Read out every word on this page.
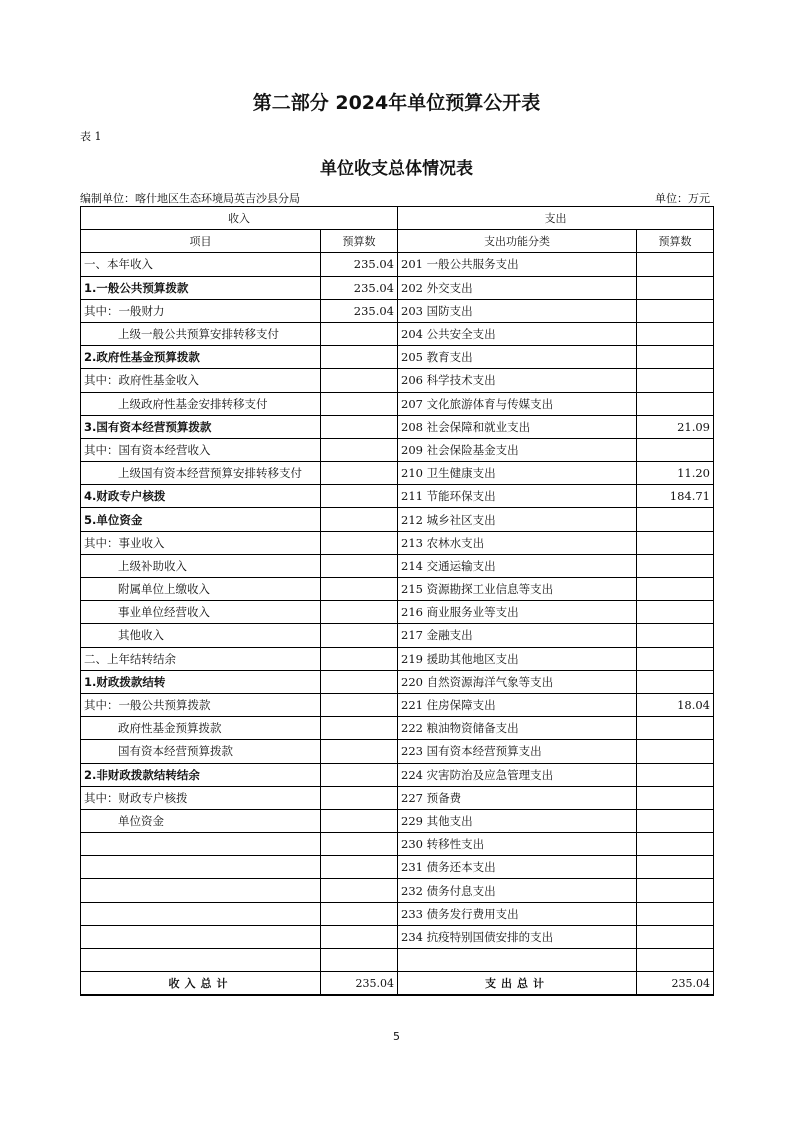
第二部分 2024年单位预算公开表
表 1
单位收支总体情况表
编制单位：喀什地区生态环境局英吉沙县分局	单位：万元
收入		支出	
项目	预算数	支出功能分类	预算数
一、本年收入	235.04	201 一般公共服务支出	
1.一般公共预算拨款	235.04	202 外交支出	
其中：一般财力	235.04	203 国防支出	
上级一般公共预算安排转移支付		204 公共安全支出	
2.政府性基金预算拨款		205 教育支出	
其中：政府性基金收入		206 科学技术支出	
上级政府性基金安排转移支付		207 文化旅游体育与传媒支出	
3.国有资本经营预算拨款		208 社会保障和就业支出	21.09
其中：国有资本经营收入		209 社会保险基金支出	
上级国有资本经营预算安排转移支付		210 卫生健康支出	11.20
4.财政专户核拨		211 节能环保支出	184.71
5.单位资金		212 城乡社区支出	
其中：事业收入		213 农林水支出	
上级补助收入		214 交通运输支出	
附属单位上缴收入		215 资源勘探工业信息等支出	
事业单位经营收入		216 商业服务业等支出	
其他收入		217 金融支出	
二、上年结转结余		219 援助其他地区支出	
1.财政拨款结转		220 自然资源海洋气象等支出	
其中：一般公共预算拨款		221 住房保障支出	18.04
政府性基金预算拨款		222 粮油物资储备支出	
国有资本经营预算拨款		223 国有资本经营预算支出	
2.非财政拨款结转结余		224 灾害防治及应急管理支出	
其中：财政专户核拨		227 预备费	
单位资金		229 其他支出	
		230 转移性支出	
		231 债务还本支出	
		232 债务付息支出	
		233 债务发行费用支出	
		234 抗疫特别国债安排的支出	

收入总计	235.04	支出总计	235.04
5
